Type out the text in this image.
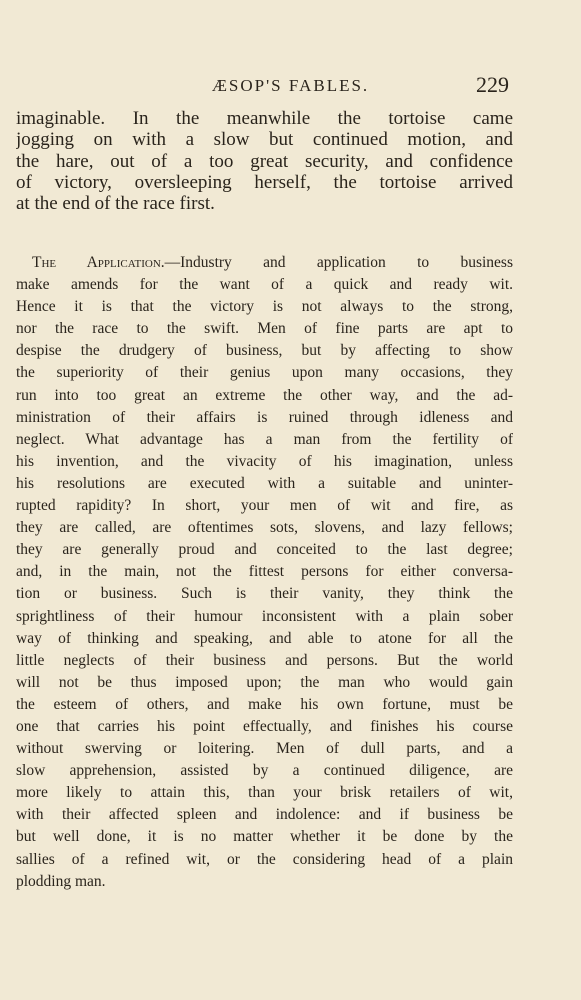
ÆSOP'S FABLES.	229
imaginable. In the meanwhile the tortoise came
jogging on with a slow but continued motion, and
the hare, out of a too great security, and confidence
of victory, oversleeping herself, the tortoise arrived
at the end of the race first.
The Application.—Industry and application to business
make amends for the want of a quick and ready wit.
Hence it is that the victory is not always to the strong,
nor the race to the swift. Men of fine parts are apt to
despise the drudgery of business, but by affecting to show
the superiority of their genius upon many occasions, they
run into too great an extreme the other way, and the ad-
ministration of their affairs is ruined through idleness and
neglect. What advantage has a man from the fertility of
his invention, and the vivacity of his imagination, unless
his resolutions are executed with a suitable and uninter-
rupted rapidity? In short, your men of wit and fire, as
they are called, are oftentimes sots, slovens, and lazy fellows;
they are generally proud and conceited to the last degree;
and, in the main, not the fittest persons for either conversa-
tion or business. Such is their vanity, they think the
sprightliness of their humour inconsistent with a plain sober
way of thinking and speaking, and able to atone for all the
little neglects of their business and persons. But the world
will not be thus imposed upon; the man who would gain
the esteem of others, and make his own fortune, must be
one that carries his point effectually, and finishes his course
without swerving or loitering. Men of dull parts, and a
slow apprehension, assisted by a continued diligence, are
more likely to attain this, than your brisk retailers of wit,
with their affected spleen and indolence: and if business be
but well done, it is no matter whether it be done by the
sallies of a refined wit, or the considering head of a plain
plodding man.
